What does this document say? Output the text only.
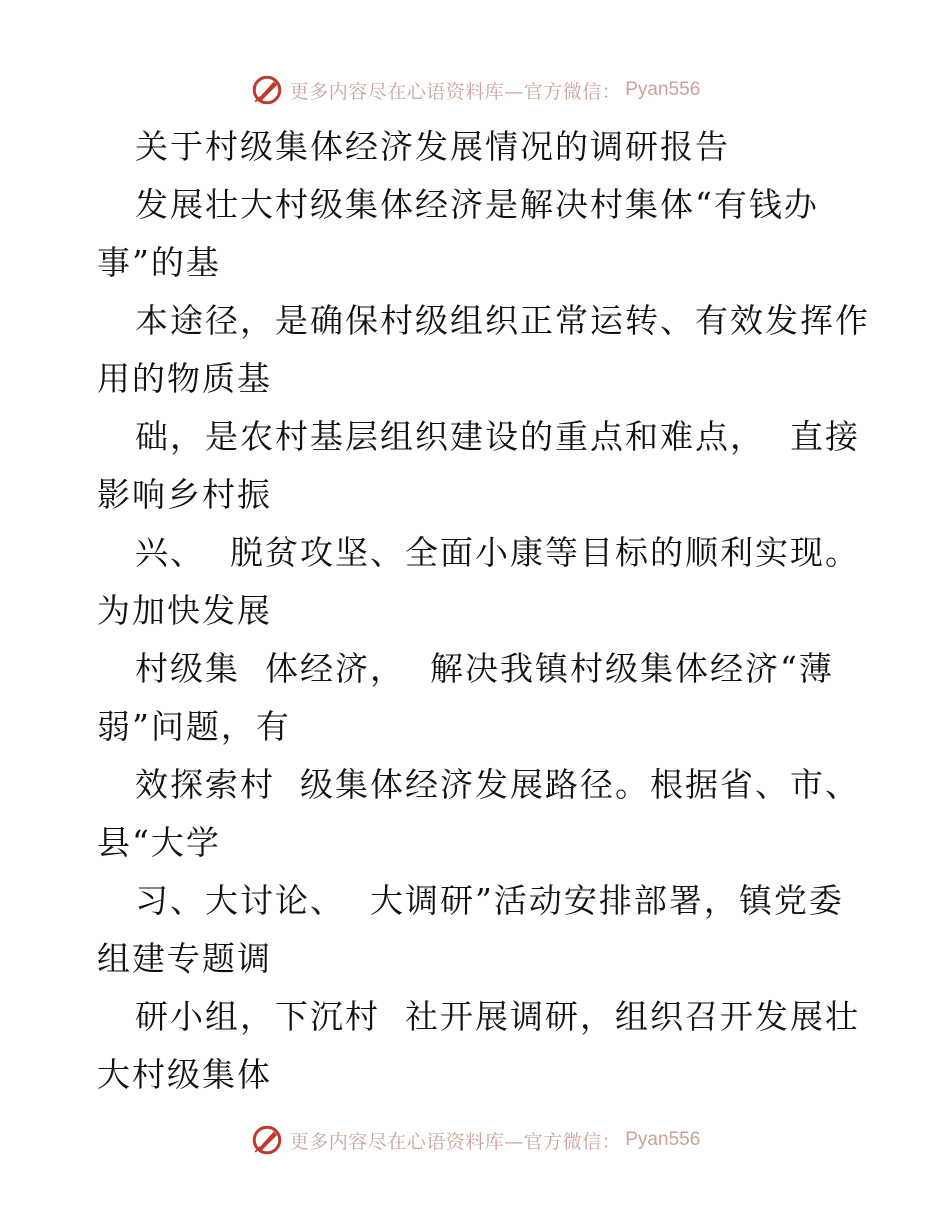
更多内容尽在心语资料库—官方微信： Pyan556
关于村级集体经济发展情况的调研报告
发展壮大村级集体经济是解决村集体“有钱办
事”的基
本途径，是确保村级组织正常运转、有效发挥作
用的物质基
础，是农村基层组织建设的重点和难点，  直接
影响乡村振
兴、  脱贫攻坚、全面小康等目标的顺利实现。
为加快发展
村级集  体经济，  解决我镇村级集体经济“薄
弱”问题，有
效探索村  级集体经济发展路径。根据省、市、
县“大学
习、大讨论、  大调研”活动安排部署，镇党委
组建专题调
研小组，下沉村  社开展调研，组织召开发展壮
大村级集体
更多内容尽在心语资料库—官方微信： Pyan556
